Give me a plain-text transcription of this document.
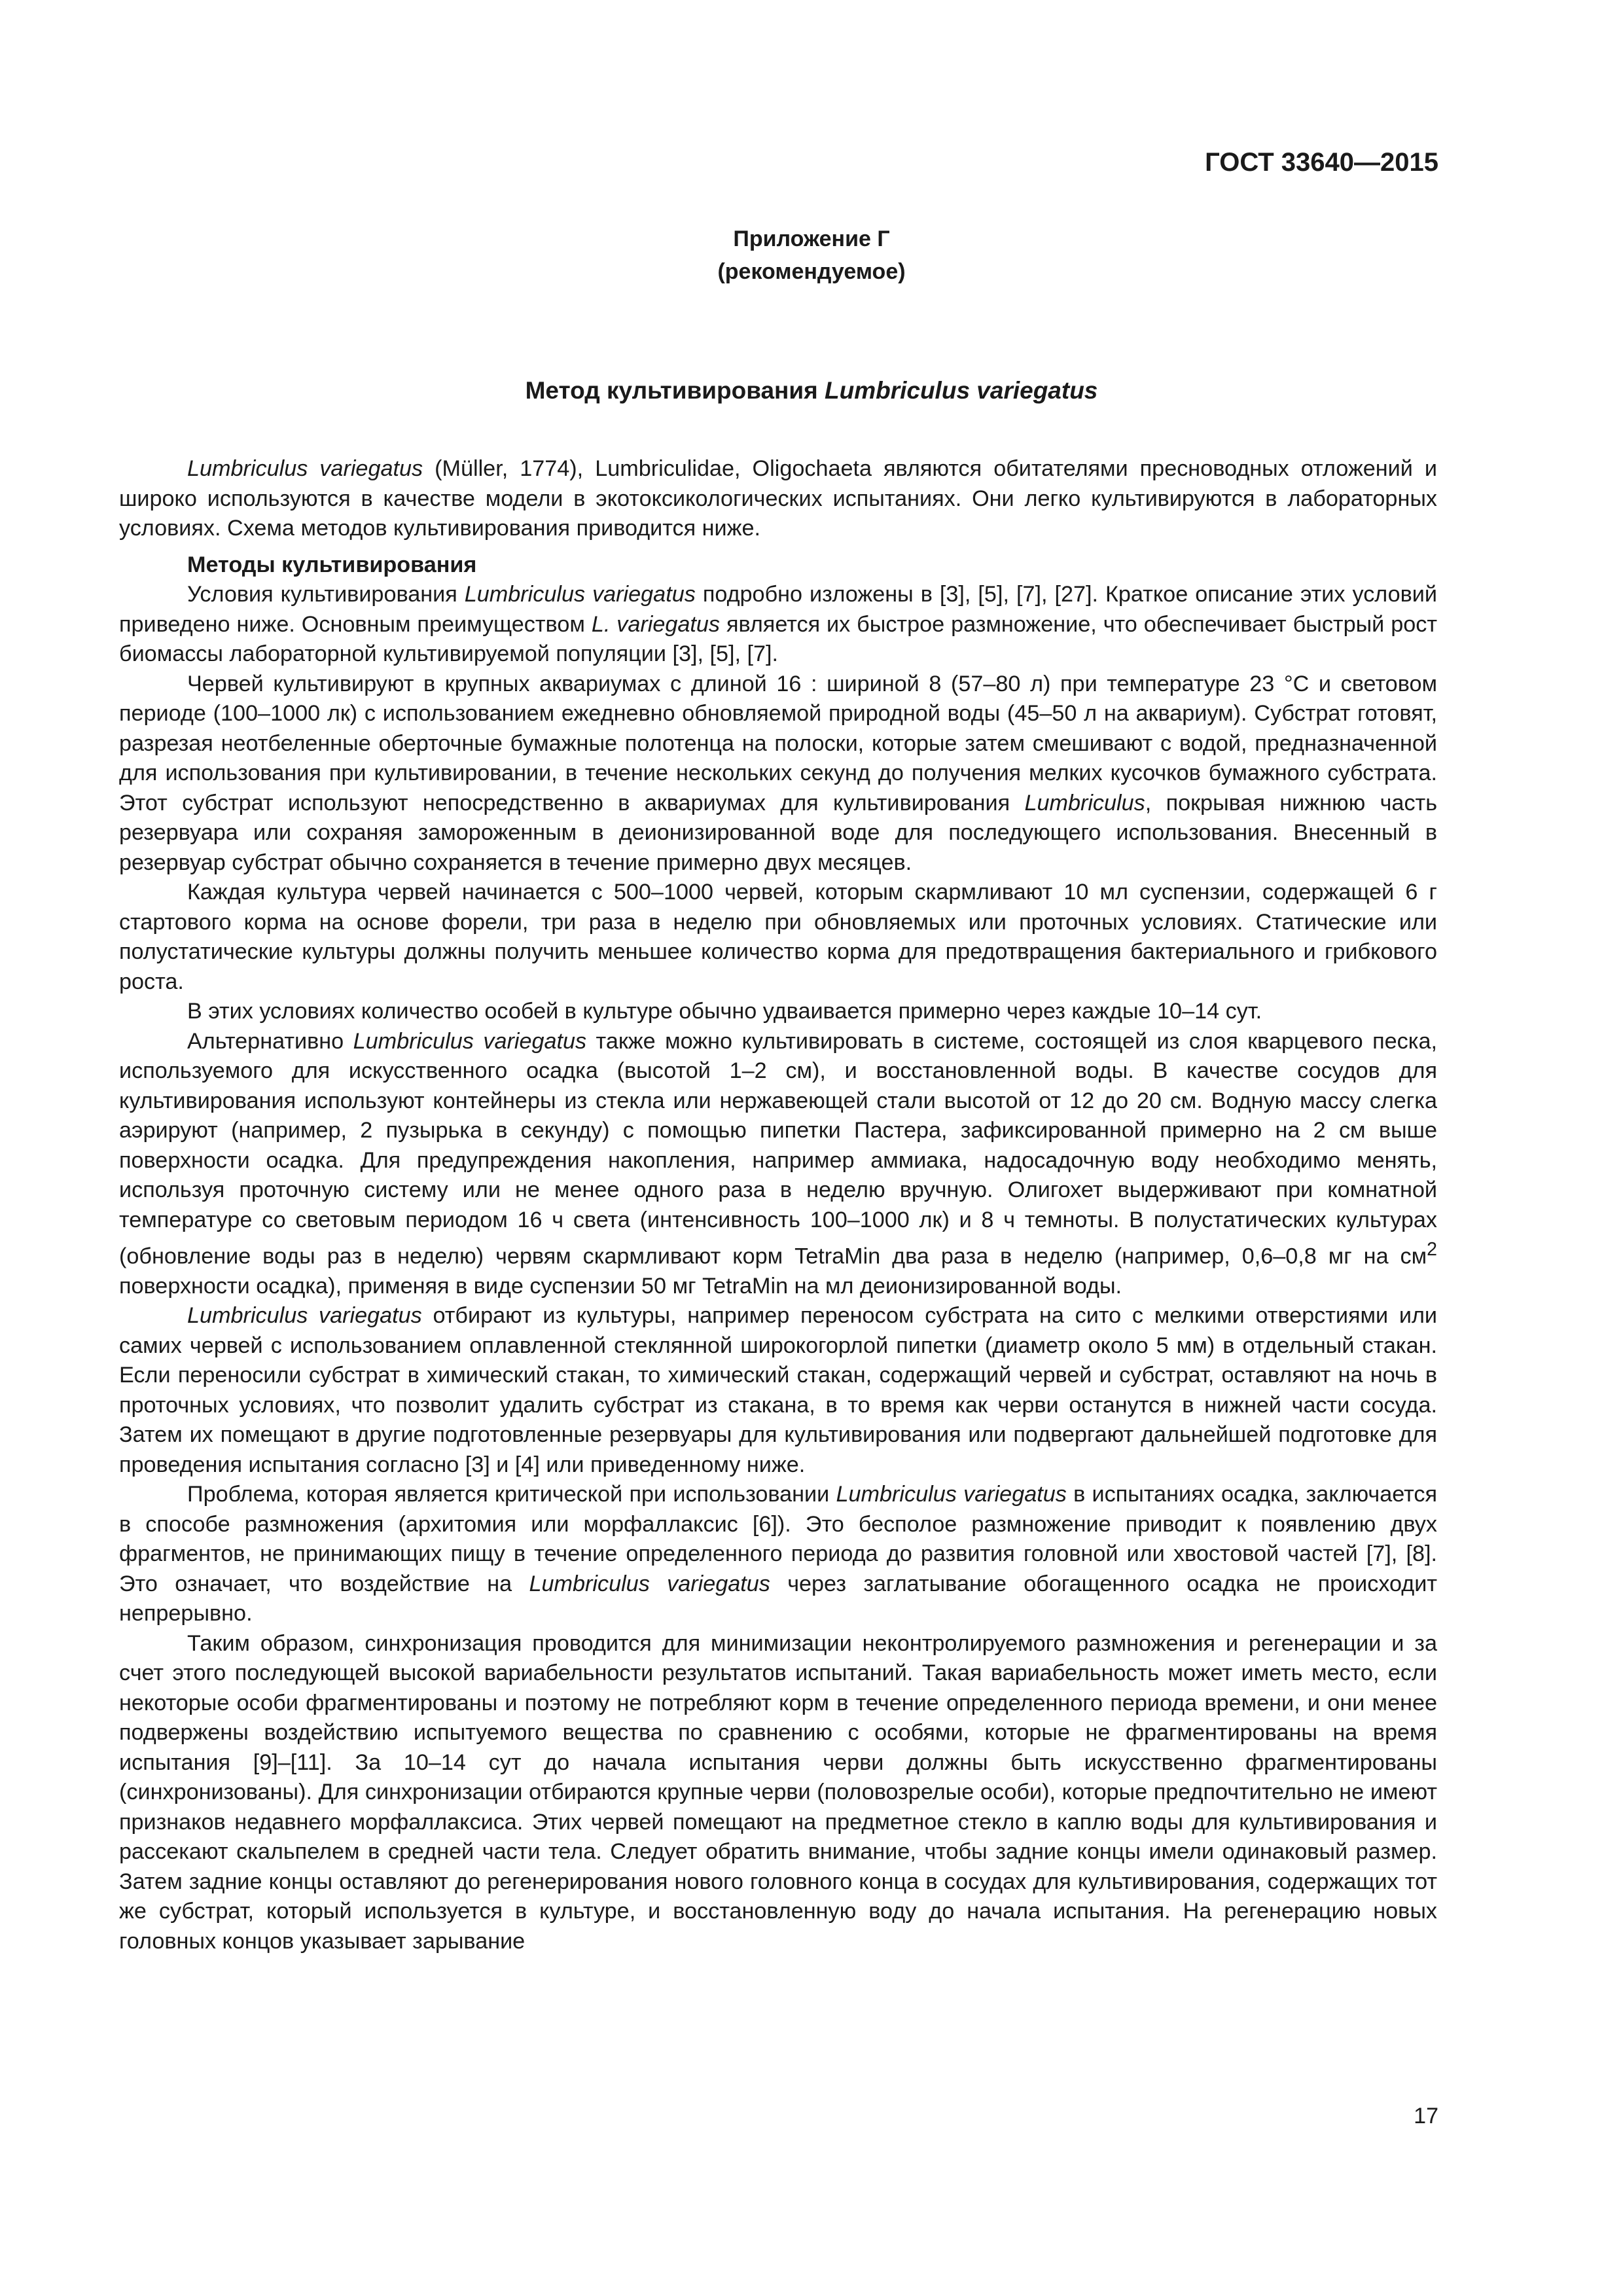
ГОСТ 33640—2015
Приложение Г
(рекомендуемое)
Метод культивирования Lumbriculus variegatus

Lumbriculus variegatus (Müller, 1774), Lumbriculidae, Oligochaeta являются обитателями пресноводных отложений и широко используются в качестве модели в экотоксикологических испытаниях. Они легко культивируются в лабораторных условиях. Схема методов культивирования приводится ниже.

Методы культивирования

Условия культивирования Lumbriculus variegatus подробно изложены в [3], [5], [7], [27]. Краткое описание этих условий приведено ниже. Основным преимуществом L. variegatus является их быстрое размножение, что обеспечивает быстрый рост биомассы лабораторной культивируемой популяции [3], [5], [7].

Червей культивируют в крупных аквариумах с длиной 16 : шириной 8 (57–80 л) при температуре 23 °С и световом периоде (100–1000 лк) с использованием ежедневно обновляемой природной воды (45–50 л на аквариум). Субстрат готовят, разрезая неотбеленные оберточные бумажные полотенца на полоски, которые затем смешивают с водой, предназначенной для использования при культивировании, в течение нескольких секунд до получения мелких кусочков бумажного субстрата. Этот субстрат используют непосредственно в аквариумах для культивирования Lumbriculus, покрывая нижнюю часть резервуара или сохраняя замороженным в деионизированной воде для последующего использования. Внесенный в резервуар субстрат обычно сохраняется в течение примерно двух месяцев.

Каждая культура червей начинается с 500–1000 червей, которым скармливают 10 мл суспензии, содержащей 6 г стартового корма на основе форели, три раза в неделю при обновляемых или проточных условиях. Статические или полустатические культуры должны получить меньшее количество корма для предотвращения бактериального и грибкового роста.

В этих условиях количество особей в культуре обычно удваивается примерно через каждые 10–14 сут.

Альтернативно Lumbriculus variegatus также можно культивировать в системе, состоящей из слоя кварцевого песка, используемого для искусственного осадка (высотой 1–2 см), и восстановленной воды. В качестве сосудов для культивирования используют контейнеры из стекла или нержавеющей стали высотой от 12 до 20 см. Водную массу слегка аэрируют (например, 2 пузырька в секунду) с помощью пипетки Пастера, зафиксированной примерно на 2 см выше поверхности осадка. Для предупреждения накопления, например аммиака, надосадочную воду необходимо менять, используя проточную систему или не менее одного раза в неделю вручную. Олигохет выдерживают при комнатной температуре со световым периодом 16 ч света (интенсивность 100–1000 лк) и 8 ч темноты. В полустатических культурах (обновление воды раз в неделю) червям скармливают корм TetraMin два раза в неделю (например, 0,6–0,8 мг на $см^2$ поверхности осадка), применяя в виде суспензии 50 мг TetraMin на мл деионизированной воды.

Lumbriculus variegatus отбирают из культуры, например переносом субстрата на сито с мелкими отверстиями или самих червей с использованием оплавленной стеклянной широкогорлой пипетки (диаметр около 5 мм) в отдельный стакан. Если переносили субстрат в химический стакан, то химический стакан, содержащий червей и субстрат, оставляют на ночь в проточных условиях, что позволит удалить субстрат из стакана, в то время как черви останутся в нижней части сосуда. Затем их помещают в другие подготовленные резервуары для культивирования или подвергают дальнейшей подготовке для проведения испытания согласно [3] и [4] или приведенному ниже.

Проблема, которая является критической при использовании Lumbriculus variegatus в испытаниях осадка, заключается в способе размножения (архитомия или морфаллаксис [6]). Это бесполое размножение приводит к появлению двух фрагментов, не принимающих пищу в течение определенного периода до развития головной или хвостовой частей [7], [8]. Это означает, что воздействие на Lumbriculus variegatus через заглатывание обогащенного осадка не происходит непрерывно.

Таким образом, синхронизация проводится для минимизации неконтролируемого размножения и регенерации и за счет этого последующей высокой вариабельности результатов испытаний. Такая вариабельность может иметь место, если некоторые особи фрагментированы и поэтому не потребляют корм в течение определенного периода времени, и они менее подвержены воздействию испытуемого вещества по сравнению с особями, которые не фрагментированы на время испытания [9]–[11]. За 10–14 сут до начала испытания черви должны быть искусственно фрагментированы (синхронизованы). Для синхронизации отбираются крупные черви (половозрелые особи), которые предпочтительно не имеют признаков недавнего морфаллаксиса. Этих червей помещают на предметное стекло в каплю воды для культивирования и рассекают скальпелем в средней части тела. Следует обратить внимание, чтобы задние концы имели одинаковый размер. Затем задние концы оставляют до регенерирования нового головного конца в сосудах для культивирования, содержащих тот же субстрат, который используется в культуре, и восстановленную воду до начала испытания. На регенерацию новых головных концов указывает зарывание

17
